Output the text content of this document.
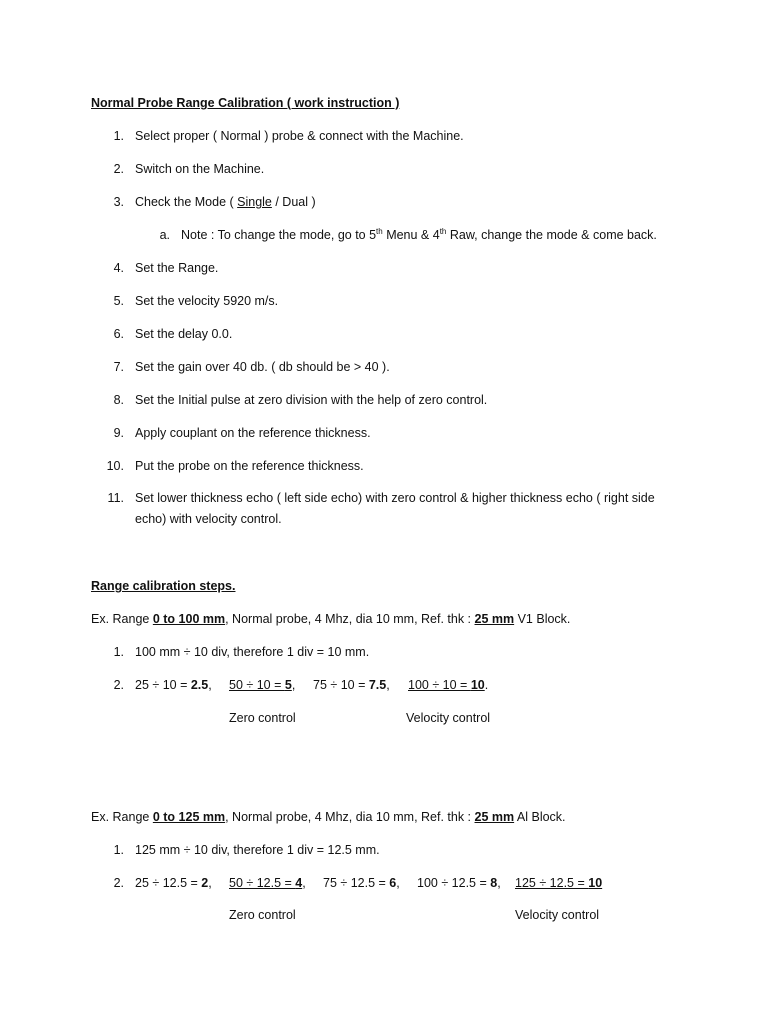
Normal Probe Range Calibration ( work instruction )
1. Select proper ( Normal ) probe & connect with the Machine.
2. Switch on the Machine.
3. Check the Mode ( Single / Dual )
a. Note : To change the mode, go to 5th Menu & 4th Raw, change the mode & come back.
4. Set the Range.
5. Set the velocity 5920 m/s.
6. Set the delay 0.0.
7. Set the gain over 40 db. ( db should be > 40 ).
8. Set the Initial pulse at zero division with the help of zero control.
9. Apply couplant on the reference thickness.
10. Put the probe on the reference thickness.
11. Set lower thickness echo ( left side echo) with zero control & higher thickness echo ( right side
echo) with velocity control.
Range calibration steps.
Ex. Range 0 to 100 mm, Normal probe, 4 Mhz, dia 10 mm, Ref. thk : 25 mm V1 Block.
1. 100 mm ÷ 10 div, therefore 1 div = 10 mm.
2. 25 ÷ 10 = 2.5, 50 ÷ 10 = 5, 75 ÷ 10 = 7.5, 100 ÷ 10 = 10.
Zero control	Velocity control
Ex. Range 0 to 125 mm, Normal probe, 4 Mhz, dia 10 mm, Ref. thk : 25 mm Al Block.
1. 125 mm ÷ 10 div, therefore 1 div = 12.5 mm.
2. 25 ÷ 12.5 = 2, 50 ÷ 12.5 = 4, 75 ÷ 12.5 = 6, 100 ÷ 12.5 = 8, 125 ÷ 12.5 = 10
Zero control	Velocity control
